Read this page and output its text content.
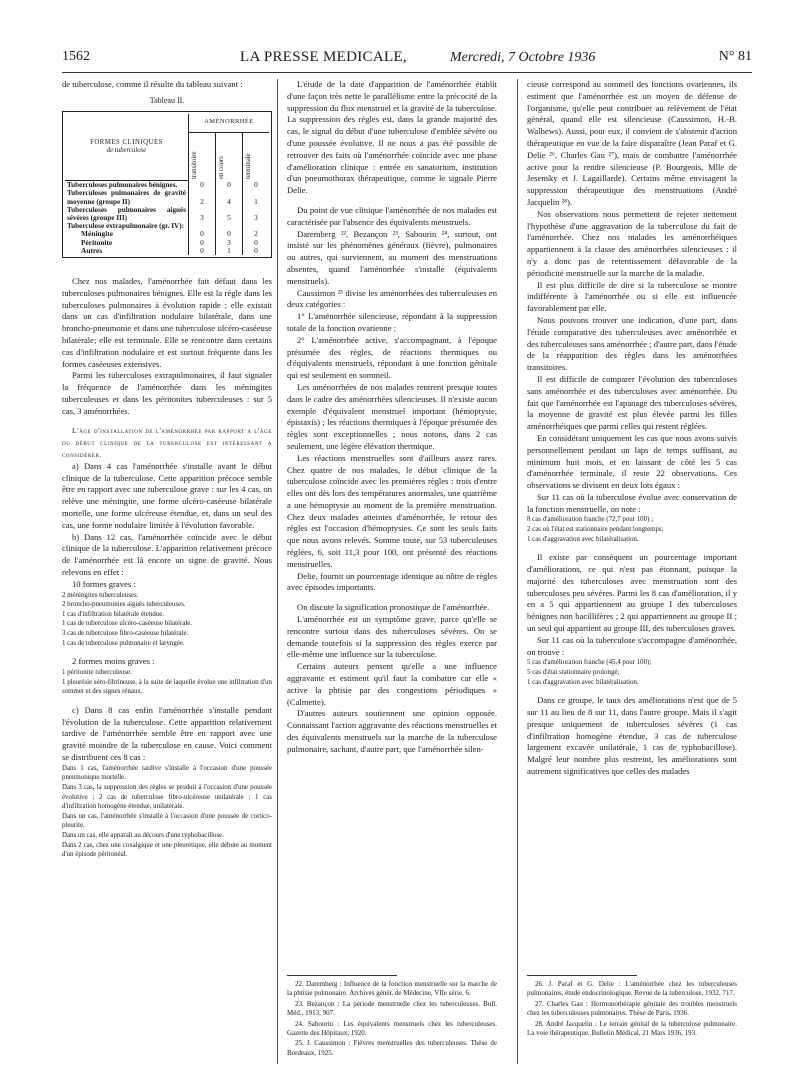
1562	LA PRESSE MEDICALE,	Mercredi, 7 Octobre 1936	N° 81

de tuberculose, comme il résulte du tableau suivant :

Tableau II.

FORMES CLINIQUES
de tuberculose	AMÉNORRHÉE		

	transitoire	en cours	terminale

Tuberculoses pulmonaires bénignes.	0	0	0
Tuberculoses pulmonaires de gravité moyenne (groupe II)	2	4	1
Tuberculoses pulmonaires aiguës sévères (groupe III)	3	5	3
Tuberculose extrapulmonaire (gr. IV):			
Méningite	0	0	2
Péritonite	0	3	0
Autres	0	1	0

Chez nos malades, l'aménorrhée fait défaut dans les tuberculoses pulmonaires bénignes. Elle est la règle dans les tuberculoses pulmonaires à évolution rapide ; elle existait dans un cas d'infiltration nodulaire bilatérale, dans une broncho-pneumonie et dans une tuberculose ulcéro-caséeuse bilatérale; elle est terminale. Elle se rencontre dans certains cas d'infiltration nodulaire et est surtout fréquente dans les formes caséeuses extensives.

Parmi les tuberculoses extrapulmonaires, il faut signaler la fréquence de l'aménorrhée dans les méningites tuberculeuses et dans les péritonites tuberculeuses : sur 5 cas, 3 aménorrhées.

L'âge d'installation de l'aménorrhée par rapport a l'âge du début clinique de la tuberculose est intéressant a considérer.

a) Dans 4 cas l'aménorrhée s'installe avant le début clinique de la tuberculose. Cette apparition précoce semble être en rapport avec une tuberculose grave : sur les 4 cas, on relève une méningite, une forme ulcéro-caséeuse bilatérale mortelle, une forme ulcéreuse étendue, et, dans un seul des cas, une forme nodulaire limitée à l'évolution favorable.

b) Dans 12 cas, l'aménorrhée coïncide avec le début clinique de la tuberculose. L'apparition relativement précoce de l'aménorrhée est là encore un signe de gravité. Nous relevons en effet :

10 formes graves :

2 méningites tuberculeuses.

2 broncho-pneumonies aiguës tuberculeuses.

1 cas d'infiltration bilatérale étendue.

1 cas de tuberculose ulcéro-caséeuse bilatérale.

3 cas de tuberculose fibro-caséeuse bilatérale.

1 cas de tuberculose pulmonaire et laryngée.

2 formes moins graves :

1 péritonite tuberculeuse.

1 pleurésie séro-fibrineuse, à la suite de laquelle évolue une infiltration d'un sommet et des signes rénaux.

c) Dans 8 cas enfin l'aménorrhée s'installe pendant l'évolution de la tuberculose. Cette apparition relativement tardive de l'aménorrhée semble être en rapport avec une gravité moindre de la tuberculose en cause. Voici comment se distribuent ces 8 cas :

Dans 1 cas, l'aménorrhée tardive s'installe à l'occasion d'une poussée pneumonique mortelle.

Dans 3 cas, la suppression des règles se produit à l'occasion d'une poussée évolutive ; 2 cas de tuberculose fibro-ulcéreuse unilatérale ; 1 cas d'infiltration homogène étendue, unilatérale.

Dans un cas, l'aménorrhée s'installe à l'occasion d'une poussée de cortico-pleurite.

Dans un cas, elle apparaît au décours d'une typhobacillose.

Dans 2 cas, chez une coxalgique et une pleurétique, elle débute au moment d'un épisode péritonéal.

L'étude de la date d'apparition de l'aménorrhée établit d'une façon très nette le parallélisme entre la précocité de la suppression du flux menstruel et la gravité de la tuberculose. La suppression des règles est, dans la grande majorité des cas, le signal du début d'une tuberculose d'emblée sévère ou d'une poussée évolutive. Il ne nous a pas été possible de retrouver des faits où l'aménorrhée coïncide avec une phase d'amélioration clinique : entrée en sanatorium, institution d'un pneumothorax thérapeutique, comme le signale Pierre Delie.

Du point de vue clinique l'aménorrhée de nos malades est caractérisée par l'absence des équivalents menstruels.

Daremberg ²², Bezançon ²³, Sabourin ²⁴, surtout, ont insisté sur les phénomènes généraux (fièvre), pulmonaires ou autres, qui surviennent, au moment des menstruations absentes, quand l'aménorrhée s'installe (équivalents menstruels).

Caussimon ²⁵ divise les aménorrhées des tuberculeuses en deux catégories :

1° L'aménorrhée silencieuse, répondant à la suppression totale de la fonction ovarienne ;

2° L'aménorrhée active, s'accompagnant, à l'époque présumée des règles, de réactions thermiques ou d'équivalents menstruels, répondant à une fonction génitale qui est seulement en sommeil.

Les aménorrhées de nos malades rentrent presque toutes dans le cadre des aménorrhées silencieuses. Il n'existe aucun exemple d'équivalent menstruel important (hémoptysie, épistaxis) ; les réactions thermiques à l'époque présumée des règles sont exceptionnelles ; nous notons, dans 2 cas seulement, une légère élévation thermique.

Les réactions menstruelles sont d'ailleurs assez rares. Chez quatre de nos malades, le début clinique de la tuberculose coïncide avec les premières règles : trois d'entre elles ont dès lors des températures anormales, une quatrième a une hémoptysie au moment de la première menstruation. Chez deux malades atteintes d'aménorrhée, le retour des règles est l'occasion d'hémoptysies. Ce sont les seuls faits que nous avons relevés. Somme toute, sur 53 tuberculeuses réglées, 6, soit 11,3 pour 100, ont présenté des réactions menstruelles.

Delie, fournit un pourcentage identique au nôtre de règles avec épisodes importants.

On discute la signification pronostique de l'aménorrhée.

L'aménorrhée est un symptôme grave, parce qu'elle se rencontre surtout dans des tuberculoses sévères. On se demande toutefois si la suppression des règles exerce par elle-même une influence sur la tuberculose.

Certains auteurs pensent qu'elle a une influence aggravante et estiment qu'il faut la combattre car elle « active la phtisie par des congestions périodiques » (Calmette).

D'autres auteurs soutiennent une opinion opposée. Connaissant l'action aggravante des réactions menstruelles et des équivalents menstruels sur la marche de la tuberculose pulmonaire, sachant, d'autre part, que l'aménorrhée silen-

22. Daremberg : Influence de la fonction menstruelle sur la marche de la phtisie pulmonaire. Archives génér. de Médecine, VIIe série, 6.

23. Bezançon : La période menstruelle chez les tuberculeuses. Bull. Méd., 1913, 907.

24. Sabourin : Les équivalents menstruels chez les tuberculeuses. Gazette des Hôpitaux, 1920.

25. J. Caussimon : Fièvres menstruelles des tuberculeuses. Thèse de Bordeaux, 1925.

cieuse correspond au sommeil des fonctions ovariennes, ils estiment que l'aménorrhée est un moyen de défense de l'organisme, qu'elle peut contribuer au relèvement de l'état général, quand elle est silencieuse (Caussimon, H.-B. Walhews). Aussi, pour eux, il convient de s'abstenir d'action thérapeutique en vue de la faire disparaître (Jean Paraf et G. Delie ²⁶, Charles Gau ²⁷), mais de combattre l'aménorrhée active pour la rendre silencieuse (P. Bourgeois, Mlle de Jesensky et J. Lagaillarde). Certains même envisagent la suppression thérapeutique des menstruations (André Jacquelin ²⁸).

Nos observations nous permettent de rejeter nettement l'hypothèse d'une aggravation de la tuberculose du fait de l'aménorrhée. Chez nos malades les aménorrhéiques appartiennent à la classe des aménorrhées silencieuses : il n'y a donc pas de retentissement défavorable de la périodicité menstruelle sur la marche de la maladie.

Il est plus difficile de dire si la tuberculose se montre indifférente à l'aménorrhée ou si elle est influencée favorablement par elle.

Nous pouvons trouver une indication, d'une part, dans l'étude comparative des tuberculeuses avec aménorrhée et des tuberculeuses sans aménorrhée ; d'autre part, dans l'étude de la réapparition des règles dans les aménorrhées transitoires.

Il est difficile de comparer l'évolution des tuberculoses sans aménorrhée et des tuberculoses avec aménorrhée. Du fait que l'aménorrhée est l'apanage des tuberculoses sévères, la moyenne de gravité est plus élevée parmi les filles aménorrhéiques que parmi celles qui restent réglées.

En considérant uniquement les cas que nous avons suivis personnellement pendant un laps de temps suffisant, au minimum huit mois, et en laissant de côté les 5 cas d'aménorrhée terminale, il reste 22 observations. Ces observations se divisent en deux lots égaux :

Sur 11 cas où la tuberculose évolue avec conservation de la fonction menstruelle, on note :

8 cas d'amélioration franche (72,7 pour 100) ;

2 cas où l'état est stationnaire pendant longtemps;

1 cas d'aggravation avec bilatéralisation.

Il existe par conséquent un pourcentage important d'améliorations, ce qui n'est pas étonnant, puisque la majorité des tuberculoses avec menstruation sont des tuberculoses peu sévères. Parmi les 8 cas d'amélioration, il y en a 5 qui appartiennent au groupe I des tuberculoses bénignes non bacillifères ; 2 qui appartiennent au groupe II ; un seul qui appartient au groupe III, des tuberculoses graves.

Sur 11 cas où la tuberculose s'accompagne d'aménorrhée, on trouve :

5 cas d'amélioration franche (45,4 pour 100);

5 cas d'état stationnaire prolongé;

1 cas d'aggravation avec bilatéralisation.

Dans ce groupe, le taux des améliorations n'est que de 5 sur 11 au lieu de 8 sur 11, dans l'autre groupe. Mais il s'agit presque uniquement de tuberculoses sévères (1 cas d'infiltration homogène étendue, 3 cas de tuberculose largement excavée unilatérale, 1 cas de typhobacillose). Malgré leur nombre plus restreint, les améliorations sont autrement significatives que celles des malades

26. J. Paraf et G. Delie : L'aménorrhée chez les tuberculeuses pulmonaires, étude endocrinologique. Revue de la tuberculose, 1932, 717.

27. Charles Gau : Hormonothérapie génitale des troubles menstruels chez les tuberculeuses pulmonaires. Thèse de Paris, 1936.

28. André Jacquelin : Le terrain génital de la tuberculose pulmonaire. La voie thérapeutique. Bulletin Médical, 21 Mars 1936, 193.
